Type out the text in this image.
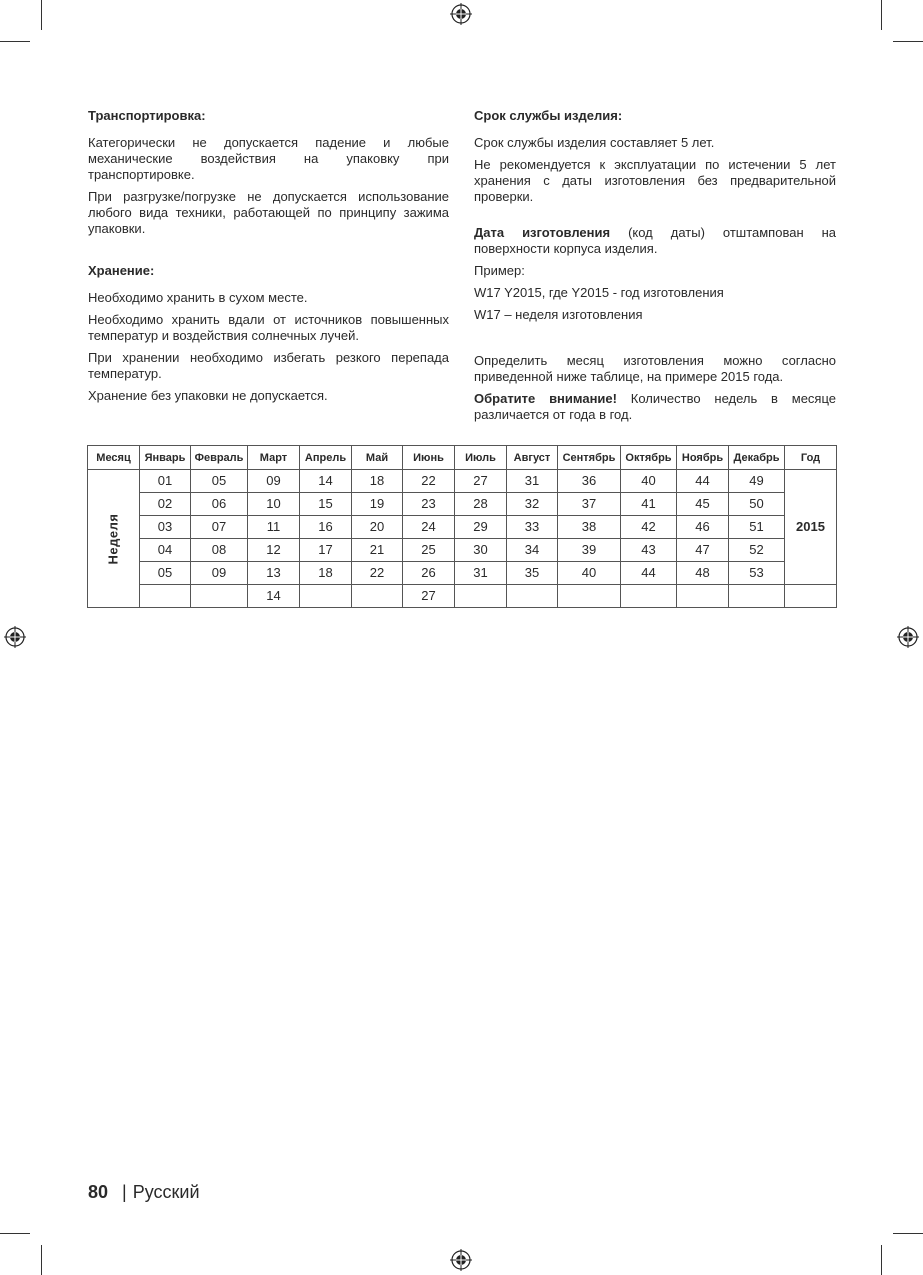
Транспортировка:

Категорически не допускается падение и любые механические воздействия на упаковку при транспортировке.

При разгрузке/погрузке не допускается использование любого вида техники, работающей по принципу зажима упаковки.

Хранение:

Необходимо хранить в сухом месте.

Необходимо хранить вдали от источников повышенных температур и воздействия солнечных лучей.

При хранении необходимо избегать резкого перепада температур.

Хранение без упаковки не допускается.

Срок службы изделия:

Срок службы изделия составляет 5 лет.

Не рекомендуется к эксплуатации по истечении 5 лет хранения с даты изготовления без предварительной проверки.

Дата изготовления (код даты) отштампован на поверхности корпуса изделия.

Пример:

W17 Y2015, где Y2015 - год изготовления

W17 – неделя изготовления

Определить месяц изготовления можно согласно приведенной ниже таблице, на примере 2015 года.

Обратите внимание! Количество недель в месяце различается от года в год.

Месяц	Январь	Февраль	Март	Апрель	Май	Июнь	Июль	Август	Сентябрь	Октябрь	Ноябрь	Декабрь	Год
Неделя	01	05	09	14	18	22	27	31	36	40	44	49	2015
	02	06	10	15	19	23	28	32	37	41	45	50	
	03	07	11	16	20	24	29	33	38	42	46	51	
	04	08	12	17	21	25	30	34	39	43	47	52	
	05	09	13	18	22	26	31	35	40	44	48	53	
			14			27							
80 | Русский
